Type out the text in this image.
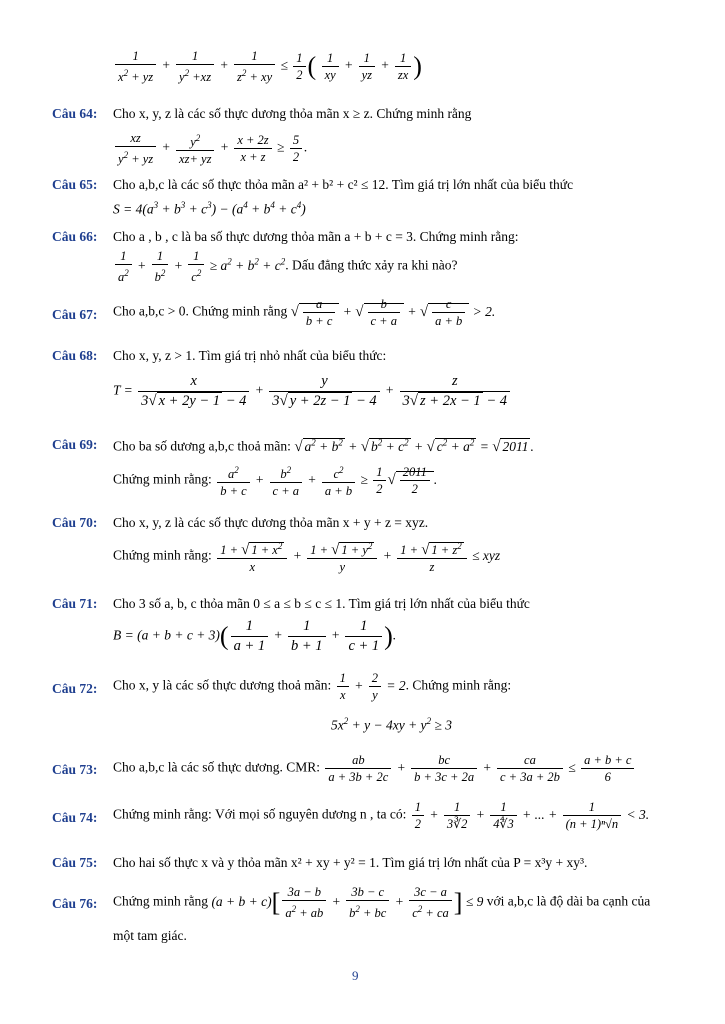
$\frac{1}{x^2 + yz} + \frac{1}{y^2 +xz} + \frac{1}{z^2 + xy} \le \frac{1}{2}$ ( $\frac{1}{xy} + \frac{1}{yz} + \frac{1}{zx}$ )
Câu 64: Cho x, y, z là các số thực dương thỏa mãn x ≥ z. Chứng minh rằng
$\frac{xz}{y^2 + yz} + \frac{y^2}{xz+ yz} + \frac{x + 2z}{x + z} \ge \frac{5}{2}$ .
Câu 65: Cho a,b,c là các số thực thỏa mãn a² + b² + c² ≤ 12. Tìm giá trị lớn nhất của biểu thức
$S = 4(a^3 + b^3 + c^3) - (a^4 + b^4 + c^4)$
Câu 66: Cho a , b , c là ba số thực dương thỏa mãn a + b + c = 3. Chứng minh rằng:
$\frac{1}{a^2} + \frac{1}{b^2} + \frac{1}{c^2} \ge a^2 + b^2 + c^2$. Dấu đẳng thức xảy ra khi nào?
Câu 67: Cho a,b,c > 0. Chứng minh rằng √ $\frac{a}{b + c}$ + √ $\frac{b}{c + a}$ + √ $\frac{c}{a + b} > 2$.
Câu 68: Cho x, y, z > 1. Tìm giá trị nhỏ nhất của biểu thức:
$T = \frac{x}{3√ x + 2y - 1 - 4} + \frac{y}{3√ y + 2z - 1 - 4} + \frac{z}{3√ z + 2x - 1 - 4}$
Câu 69: Cho ba số dương a,b,c thoả mãn: √ $a^2 + b^2$ + √ $b^2 + c^2$ + √ $c^2 + a^2$ = √ 2011 .
Chứng minh rằng: $\frac{a^2}{b + c} + \frac{b^2}{c + a} + \frac{c^2}{a + b} \ge \frac{1}{2}$ √ $\frac{2011}{2}$ .
Câu 70: Cho x, y, z là các số thực dương thỏa mãn x + y + z = xyz.
Chứng minh rằng: $\frac{1 + √ 1 + x^2}{x} + \frac{1 + √ 1 + y^2}{y} + \frac{1 + √ 1 + z^2}{z}$ ≤ xyz
Câu 71: Cho 3 số a, b, c thỏa mãn 0 ≤ a ≤ b ≤ c ≤ 1. Tìm giá trị lớn nhất của biểu thức
$B = (a + b + c + 3)( \frac{1}{a + 1} + \frac{1}{b + 1} + \frac{1}{c + 1}$ ).
Câu 72: Cho x, y là các số thực dương thoả mãn: $\frac{1}{x} + \frac{2}{y} = 2$. Chứng minh rằng:
$5x^2 + y - 4xy + y^2 \ge 3$
Câu 73: Cho a,b,c là các số thực dương. CMR: $\frac{ab}{a + 3b + 2c} + \frac{bc}{b + 3c + 2a} + \frac{ca}{c + 3a + 2b} \le \frac{a + b + c}{6}$
Câu 74: Chứng minh rằng: Với mọi số nguyên dương n , ta có: $\frac{1}{2} + \frac{1}{3∛2} + \frac{1}{4∜3}$ + ... + $\frac{1}{\text{(n + 1)ⁿ√n}} < 3$.
Câu 75: Cho hai số thực x và y thỏa mãn x² + xy + y² = 1. Tìm giá trị lớn nhất của P = x³y + xy³.
Câu 76: Chứng minh rằng $(a + b + c)[ \frac{3a - b}{a^2 + ab} + \frac{3b - c}{b^2 + bc} + \frac{3c - a}{c^2 + ca}$ ] ≤ 9 với a,b,c là độ dài ba cạnh của
một tam giác.
9
